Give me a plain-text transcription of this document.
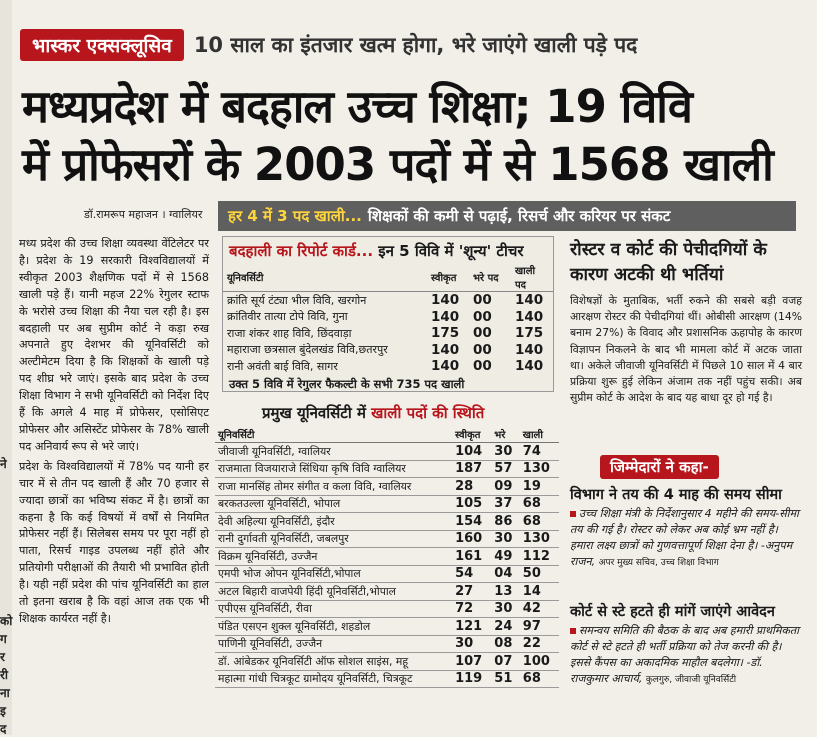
भास्कर एक्सक्लूसिव	10 साल का इंतजार खत्म होगा, भरे जाएंगे खाली पड़े पद
मध्यप्रदेश में बदहाल उच्च शिक्षा; 19 विवि
में प्रोफेसरों के 2003 पदों में से 1568 खाली
डॉ.रामरूप महाजन । ग्वालियर हर 4 में 3 पद खाली... शिक्षकों की कमी से पढ़ाई, रिसर्च और करियर पर संकट
ने
को
ग
र
री
ना
इ
द

मध्य प्रदेश की उच्च शिक्षा व्यवस्था वेंटिलेटर पर है। प्रदेश के 19 सरकारी विश्वविद्यालयों में स्वीकृत 2003 शैक्षणिक पदों में से 1568 खाली पड़े हैं। यानी महज 22% रेगुलर स्टाफ के भरोसे उच्च शिक्षा की नैया चल रही है। इस बदहाली पर अब सुप्रीम कोर्ट ने कड़ा रुख अपनाते हुए देशभर की यूनिवर्सिटी को अल्टीमेटम दिया है कि शिक्षकों के खाली पड़े पद शीघ्र भरे जाएं। इसके बाद प्रदेश के उच्च शिक्षा विभाग ने सभी यूनिवर्सिटी को निर्देश दिए हैं कि अगले 4 माह में प्रोफेसर, एसोसिएट प्रोफेसर और असिस्टेंट प्रोफेसर के 78% खाली पद अनिवार्य रूप से भरे जाएं।

प्रदेश के विश्वविद्यालयों में 78% पद यानी हर चार में से तीन पद खाली हैं और 70 हजार से ज्यादा छात्रों का भविष्य संकट में है। छात्रों का कहना है कि कई विषयों में वर्षों से नियमित प्रोफेसर नहीं हैं। सिलेबस समय पर पूरा नहीं हो पाता, रिसर्च गाइड उपलब्ध नहीं होते और प्रतियोगी परीक्षाओं की तैयारी भी प्रभावित होती है। यही नहीं प्रदेश की पांच यूनिवर्सिटी का हाल तो इतना खराब है कि वहां आज तक एक भी शिक्षक कार्यरत नहीं है।

बदहाली का रिपोर्ट कार्ड... इन 5 विवि में 'शून्य' टीचर
यूनिवर्सिटी	स्वीकृत	भरे पद	खाली पद
क्रांति सूर्य टंट्या भील विवि, खरगोन	140	00	140
क्रांतिवीर तात्या टोपे विवि, गुना	140	00	140
राजा शंकर शाह विवि, छिंदवाड़ा	175	00	175
महाराजा छत्रसाल बुंदेलखंड विवि,छतरपुर	140	00	140
रानी अवंती बाई विवि, सागर	140	00	140
उक्त 5 विवि में रेगुलर फैकल्टी के सभी 735 पद खाली
प्रमुख यूनिवर्सिटी में खाली पदों की स्थिति
यूनिवर्सिटी	स्वीकृत	भरे	खाली
जीवाजी यूनिवर्सिटी, ग्वालियर	104	30	74
राजमाता विजयाराजे सिंधिया कृषि विवि ग्वालियर	187	57	130
राजा मानसिंह तोमर संगीत व कला विवि, ग्वालियर	28	09	19
बरकतउल्ला यूनिवर्सिटी, भोपाल	105	37	68
देवी अहिल्या यूनिवर्सिटी, इंदौर	154	86	68
रानी दुर्गावती यूनिवर्सिटी, जबलपुर	160	30	130
विक्रम यूनिवर्सिटी, उज्जैन	161	49	112
एमपी भोज ओपन यूनिवर्सिटी,भोपाल	54	04	50
अटल बिहारी वाजपेयी हिंदी यूनिवर्सिटी,भोपाल	27	13	14
एपीएस यूनिवर्सिटी, रीवा	72	30	42
पंडित एसएन शुक्ल यूनिवर्सिटी, शहडोल	121	24	97
पाणिनी यूनिवर्सिटी, उज्जैन	30	08	22
डॉ. आंबेडकर यूनिवर्सिटी ऑफ सोशल साइंस, महू	107	07	100
महात्मा गांधी चित्रकूट ग्रामोदय यूनिवर्सिटी, चित्रकूट	119	51	68
रोस्टर व कोर्ट की पेचीदगियों के कारण अटकी थी भर्तियां
विशेषज्ञों के मुताबिक, भर्ती रुकने की सबसे बड़ी वजह आरक्षण रोस्टर की पेचीदगियां थीं। ओबीसी आरक्षण (14% बनाम 27%) के विवाद और प्रशासनिक ऊहापोह के कारण विज्ञापन निकलने के बाद भी मामला कोर्ट में अटक जाता था। अकेले जीवाजी यूनिवर्सिटी में पिछले 10 साल में 4 बार प्रक्रिया शुरू हुई लेकिन अंजाम तक नहीं पहुंच सकी। अब सुप्रीम कोर्ट के आदेश के बाद यह बाधा दूर हो गई है।
जिम्मेदारों ने कहा-
विभाग ने तय की 4 माह की समय सीमा
उच्च शिक्षा मंत्री के निर्देशानुसार 4 महीने की समय-सीमा तय की गई है। रोस्टर को लेकर अब कोई भ्रम नहीं है। हमारा लक्ष्य छात्रों को गुणवत्तापूर्ण शिक्षा देना है। -अनुपम राजन, अपर मुख्य सचिव, उच्च शिक्षा विभाग
कोर्ट से स्टे हटते ही मांगें जाएंगे आवेदन
समन्वय समिति की बैठक के बाद अब हमारी प्राथमिकता कोर्ट से स्टे हटते ही भर्ती प्रक्रिया को तेज करनी की है। इससे कैंपस का अकादमिक माहौल बदलेगा। -डॉ. राजकुमार आचार्य, कुलगुरु, जीवाजी यूनिवर्सिटी
